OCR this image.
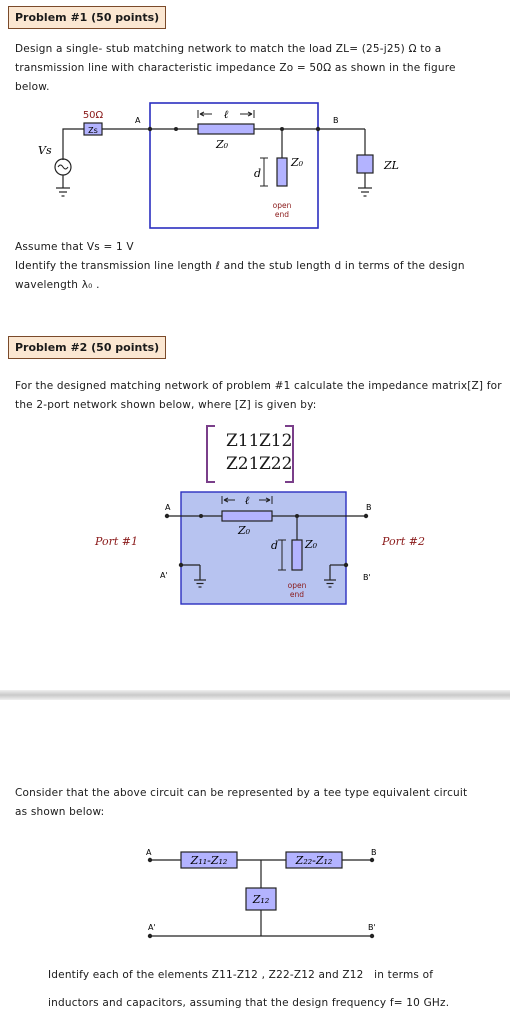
Problem #1 (50 points)
Design a single- stub matching network to match the load ZL= (25-j25) Ω to a
transmission line with characteristic impedance Zo = 50Ω as shown in the figure
below.
Zs
50Ω	A
Vs
B
ℓ
Z₀
d
Z₀
open
end
ZL
Assume that Vs = 1 V
Identify the transmission line length ℓ and the stub length d in terms of the design
wavelength λ₀ .
Problem #2 (50 points)
For the designed matching network of problem #1 calculate the impedance matrix[Z] for
the 2-port network shown below, where [Z] is given by:
Z11 Z12
Z21 Z22
A	B
ℓ
Z₀
d Z₀
open
end
A'	B'
Port #1	Port #2
Consider that the above circuit can be represented by a tee type equivalent circuit
as shown below:
A
Z₁₁-Z₁₂	Z₂₂-Z₁₂
B
Z₁₂
A'	B'
Identify each of the elements Z11-Z12 , Z22-Z12 and Z12   in terms of
inductors and capacitors, assuming that the design frequency f= 10 GHz.
